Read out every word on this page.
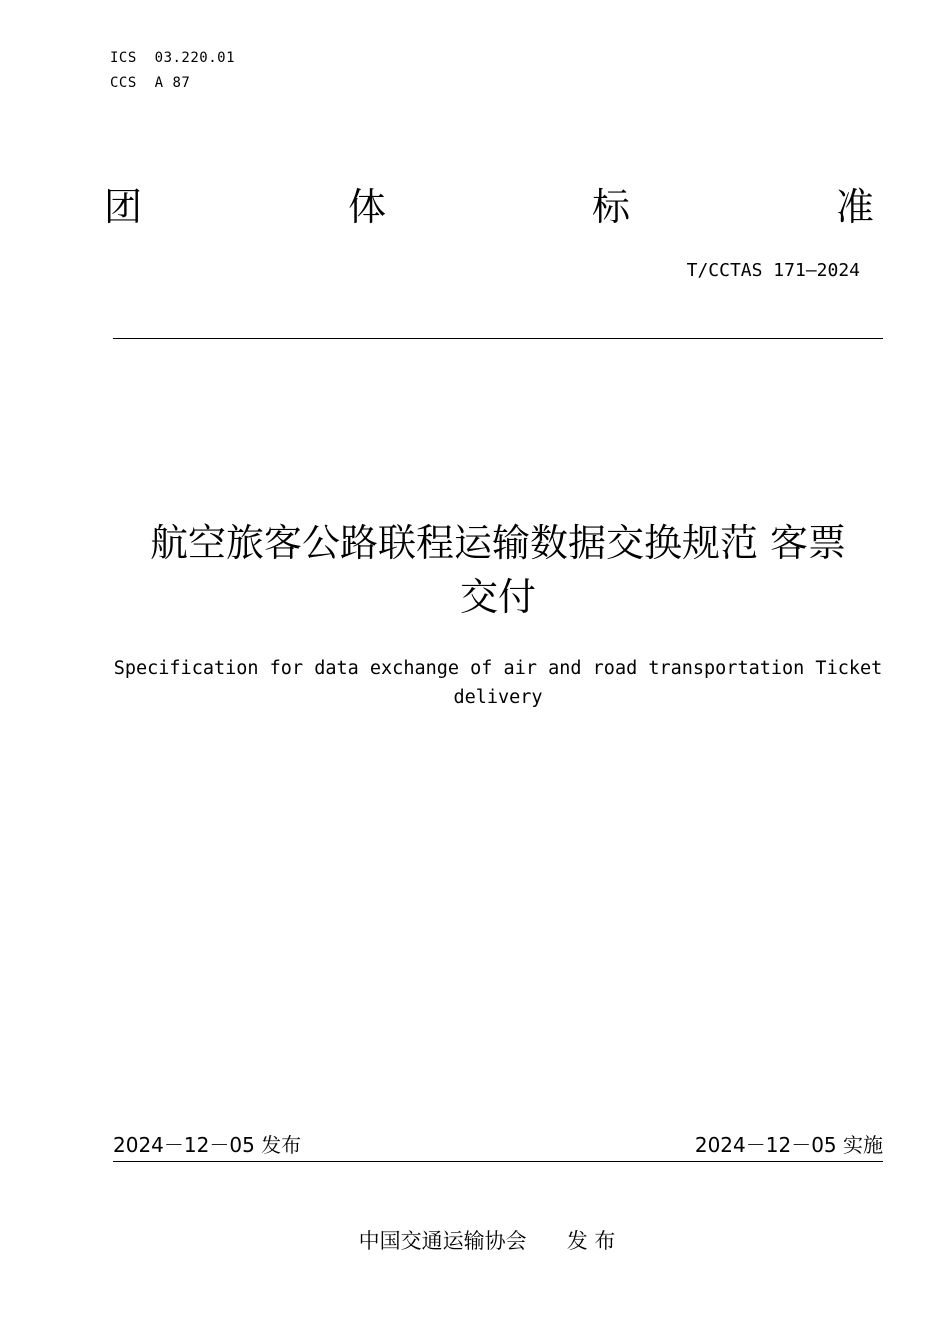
ICS  03.220.01
CCS  A 87
团	体	标	准
T/CCTAS 171—2024
航空旅客公路联程运输数据交换规范 客票
交付
Specification for data exchange of air and road transportation Ticket
delivery
2024－12－05 发布	2024－12－05 实施
中国交通运输协会 发 布
